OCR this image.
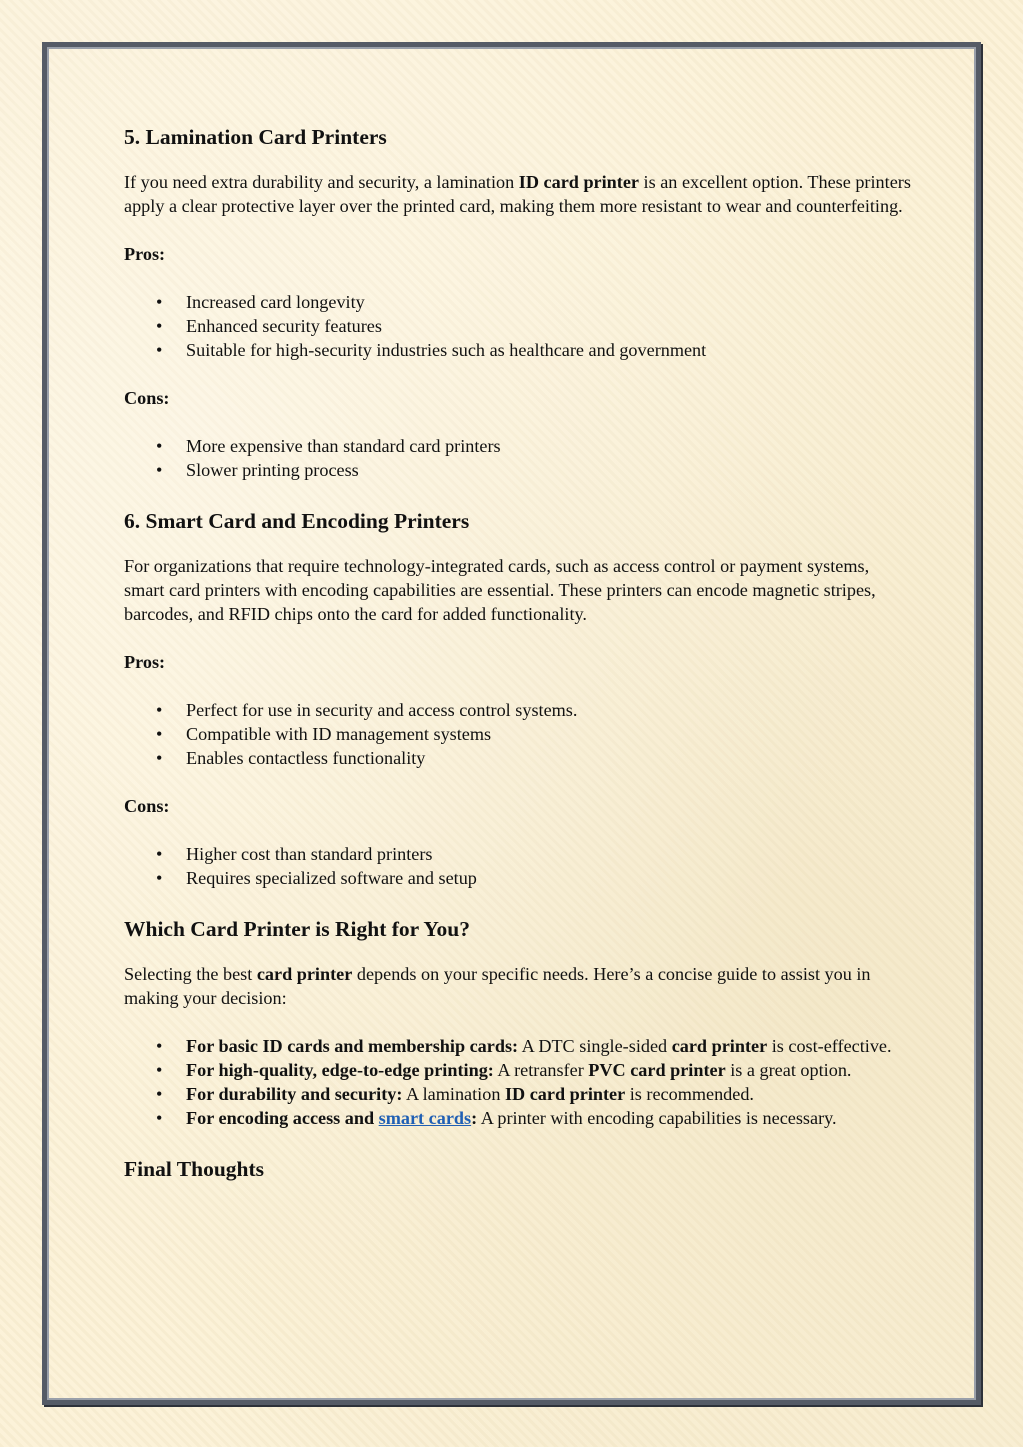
5. Lamination Card Printers

If you need extra durability and security, a lamination ID card printer is an excellent option. These printers apply a clear protective layer over the printed card, making them more resistant to wear and counterfeiting.

Pros:

• Increased card longevity
• Enhanced security features
• Suitable for high-security industries such as healthcare and government

Cons:

• More expensive than standard card printers
• Slower printing process
6. Smart Card and Encoding Printers

For organizations that require technology-integrated cards, such as access control or payment systems, smart card printers with encoding capabilities are essential. These printers can encode magnetic stripes, barcodes, and RFID chips onto the card for added functionality.

Pros:

• Perfect for use in security and access control systems.
• Compatible with ID management systems
• Enables contactless functionality

Cons:

• Higher cost than standard printers
• Requires specialized software and setup
Which Card Printer is Right for You?

Selecting the best card printer depends on your specific needs. Here’s a concise guide to assist you in making your decision:

• For basic ID cards and membership cards: A DTC single-sided card printer is cost-effective.
• For high-quality, edge-to-edge printing: A retransfer PVC card printer is a great option.
• For durability and security: A lamination ID card printer is recommended.
• For encoding access and smart cards: A printer with encoding capabilities is necessary.
Final Thoughts
